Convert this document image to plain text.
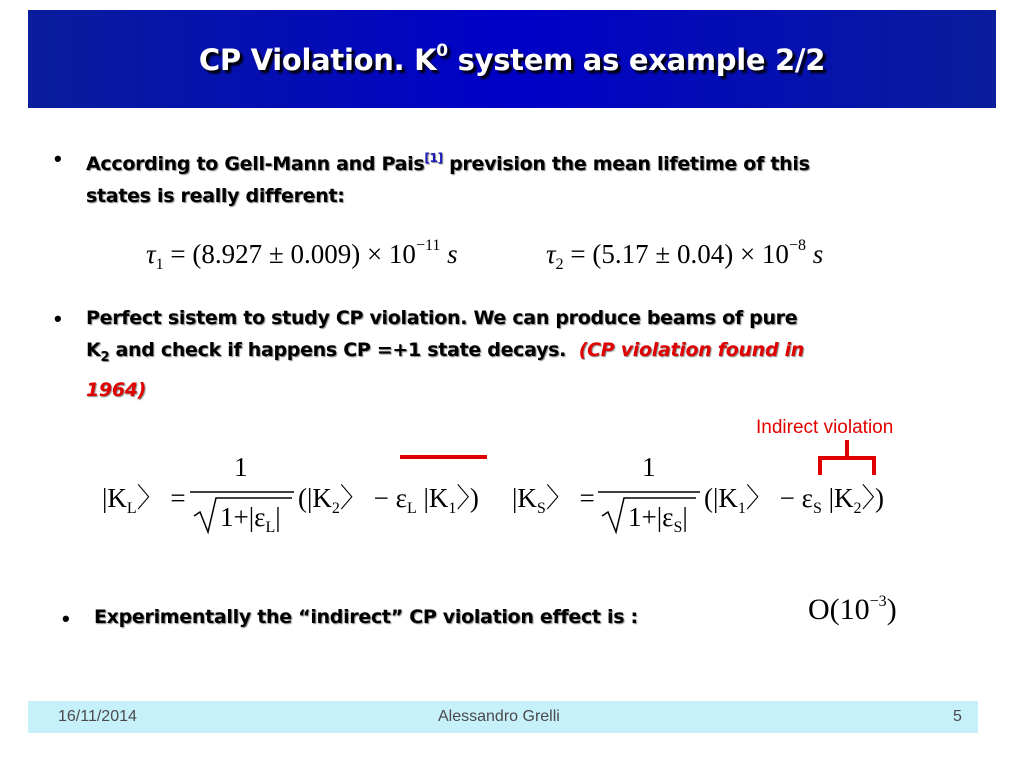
CP Violation. $K^0$ system as example 2/2
• According to Gell-Mann and Pais[1] prevision the mean lifetime of this
states is really different:
$\tau_1 = (8.927 \pm 0.009) \times 10^{-11}$ s	$\tau_2 = (5.17 \pm 0.04) \times 10^{-8}$ s
• Perfect sistem to study CP violation. We can produce beams of pure
$K_2$ and check if happens CP =+1 state decays. (CP violation found in
1964)
Indirect violation
$|K_L$〉 =
1
$1+|\varepsilon_L|$
($|K_2$〉 − $\varepsilon_L$ $|K_1$〉) $|K_S$〉 =
1
$1+|\varepsilon_S|$
($|K_1$〉 − $\varepsilon_S$ $|K_2$〉)
• Experimentally the “indirect” CP violation effect is :	$O(10^{-3})$
16/11/2014	Alessandro Grelli	5
